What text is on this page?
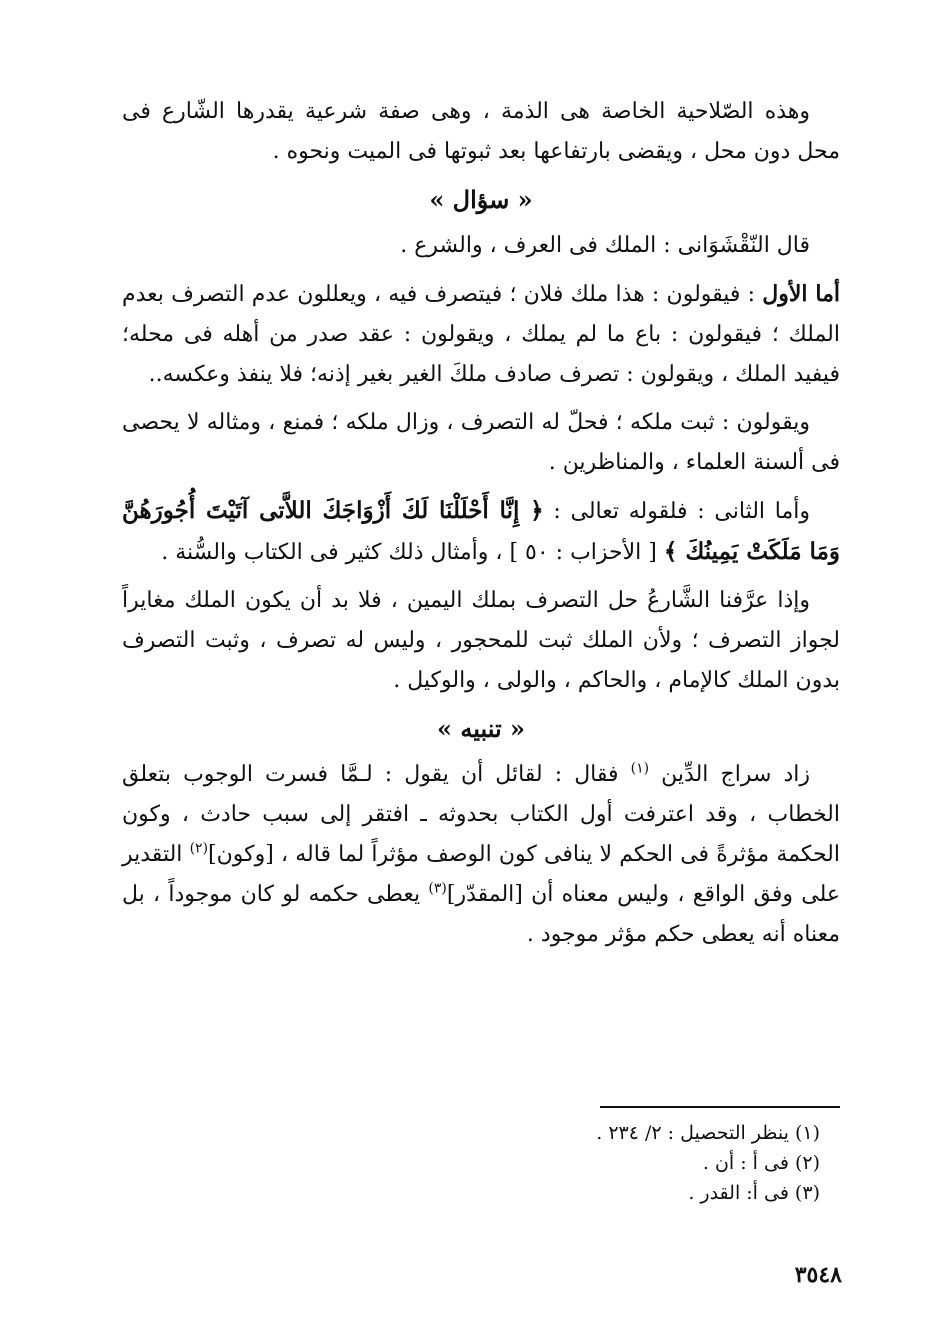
وهذه الصّلاحية الخاصة هى الذمة ، وهى صفة شرعية يقدرها الشّارع فى محل دون محل ، ويقضى بارتفاعها بعد ثبوتها فى الميت ونحوه .

« سؤال »

قال النّقْشَوَانى : الملك فى العرف ، والشرع .

أما الأول : فيقولون : هذا ملك فلان ؛ فيتصرف فيه ، ويعللون عدم التصرف بعدم الملك ؛ فيقولون : باع ما لم يملك ، ويقولون : عقد صدر من أهله فى محله؛ فيفيد الملك ، ويقولون : تصرف صادف ملكَ الغير بغير إذنه؛ فلا ينفذ وعكسه..

ويقولون : ثبت ملكه ؛ فحلّ له التصرف ، وزال ملكه ؛ فمنع ، ومثاله لا يحصى فى ألسنة العلماء ، والمناظرين .

وأما الثانى : فلقوله تعالى : ﴿ إِنَّا أَحْلَلْنَا لَكَ أَزْوَاجَكَ اللاَّتى آتَيْتَ أُجُورَهُنَّ وَمَا مَلَكَتْ يَمِينُكَ ﴾ [ الأحزاب : ٥٠ ] ، وأمثال ذلك كثير فى الكتاب والسُّنة .

وإذا عرَّفنا الشَّارعُ حل التصرف بملك اليمين ، فلا بد أن يكون الملك مغايراً لجواز التصرف ؛ ولأن الملك ثبت للمحجور ، وليس له تصرف ، وثبت التصرف بدون الملك كالإمام ، والحاكم ، والولى ، والوكيل .

« تنبيه »

زاد سراج الدِّين $^{(١)}$ فقال : لقائل أن يقول : لـمَّا فسرت الوجوب بتعلق الخطاب ، وقد اعترفت أول الكتاب بحدوثه ـ افتقر إلى سبب حادث ، وكون الحكمة مؤثرةً فى الحكم لا ينافى كون الوصف مؤثراً لما قاله ، [وكون]$^{(٢)}$ التقدير على وفق الواقع ، وليس معناه أن [المقدّر]$^{(٣)}$ يعطى حكمه لو كان موجوداً ، بل معناه أنه يعطى حكم مؤثر موجود .

(١) ينظر التحصيل : ٢/ ٢٣٤ .

(٢) فى أ : أن .

(٣) فى أ: القدر .

٣٥٤٨
